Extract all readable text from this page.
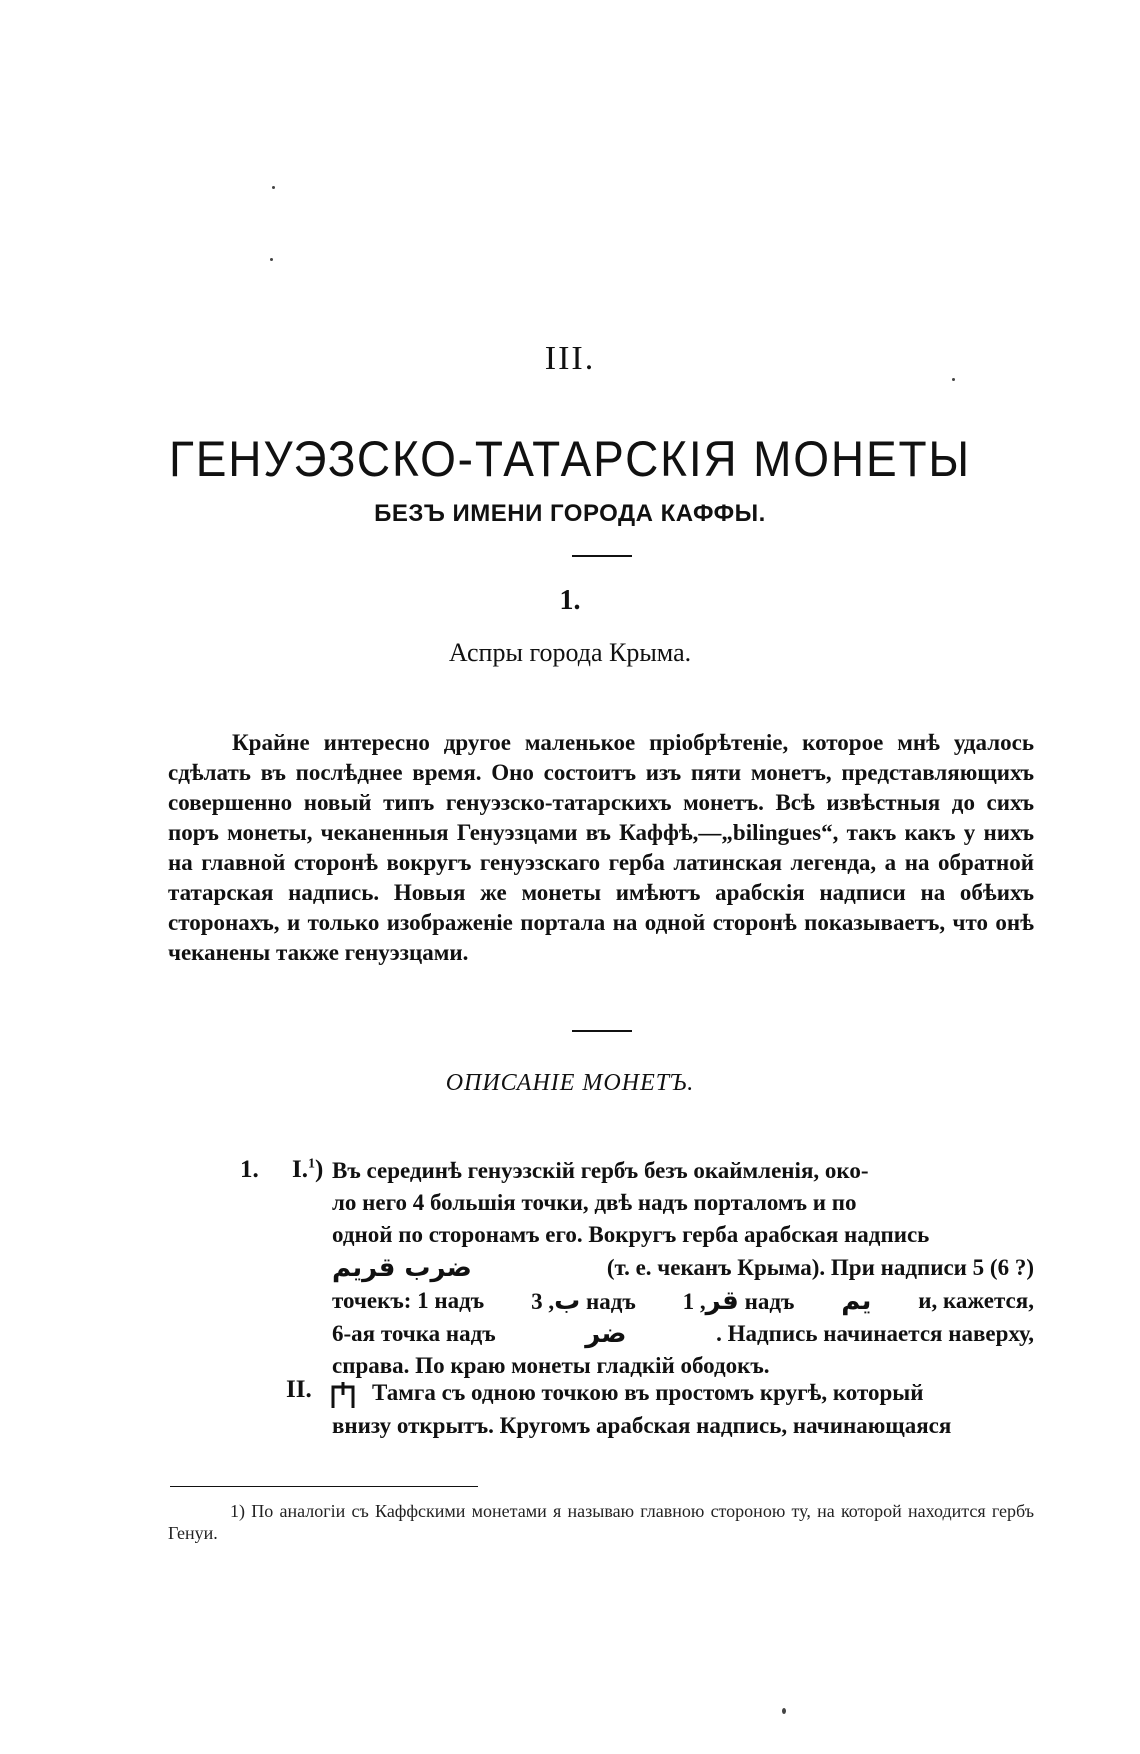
III.
ГЕНУЭЗСКО-ТАТАРСКІЯ МОНЕТЫ
БЕЗЪ ИМЕНИ ГОРОДА КАФФЫ.
1.
Аспры города Крыма.

Крайне интересно другое маленькое пріобрѣтеніе, которое мнѣ удалось сдѣлать въ послѣднее время. Оно состоитъ изъ пяти монетъ, представляющихъ совершенно новый типъ генуэзско-татарскихъ монетъ. Всѣ извѣстныя до сихъ поръ монеты, чеканенныя Генуэзцами въ Каффѣ,—„bilingues“, такъ какъ у нихъ на главной сторонѣ вокругъ генуэзскаго герба латинская легенда, а на обратной татарская надпись. Новыя же монеты имѣютъ арабскія надписи на обѣихъ сторонахъ, и только изображеніе портала на одной сторонѣ показываетъ, что онѣ чеканены также генуэзцами.

ОПИСАНІЕ МОНЕТЪ.
1. I.$^1$) Въ серединѣ генуэзскій гербъ безъ окаймленія, око-
ло него 4 большія точки, двѣ надъ порталомъ и по
одной по сторонамъ его. Вокругъ герба арабская надпись
ضرب قريم	(т. е. чеканъ Крыма). При надписи 5 (6 ?)
точекъ: 1 надъ	ب, 3 надъ	قر, 1 надъ يم и, кажется,
6-ая точка надъ	ضر	. Надпись начинается наверху,
справа. По краю монеты гладкій ободокъ.
II.	Тамга съ одною точкою въ простомъ кругѣ, который
внизу открытъ. Кругомъ арабская надпись, начинающаяся

1) По аналогіи съ Каффскими монетами я называю главною стороною ту, на которой находится гербъ Генуи.
